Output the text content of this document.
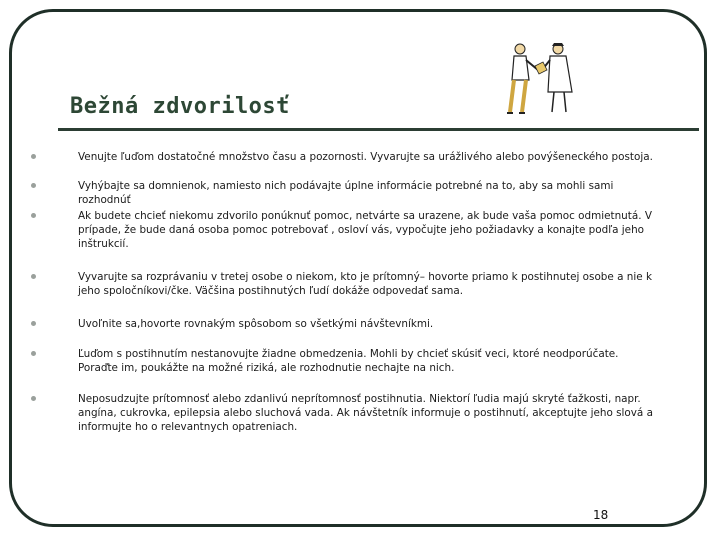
Bežná zdvorilosť
Venujte ľuďom dostatočné množstvo času a pozornosti. Vyvarujte sa urážlivého alebo povýšeneckého postoja.
Vyhýbajte sa domnienok, namiesto nich podávajte úplne informácie potrebné na to, aby sa mohli sami rozhodnúť
Ak budete chcieť niekomu zdvorilo ponúknuť pomoc, netvárte sa urazene, ak bude vaša pomoc odmietnutá. V prípade, že bude daná osoba pomoc potrebovať , osloví vás, vypočujte jeho požiadavky a konajte podľa jeho inštrukcií.
Vyvarujte sa rozprávaniu v tretej osobe o niekom, kto je prítomný– hovorte priamo k postihnutej osobe a nie k jeho spoločníkovi/čke. Väčšina postihnutých ľudí dokáže odpovedať sama.
Uvoľnite sa,hovorte rovnakým spôsobom so všetkými návštevníkmi.
Ľuďom s postihnutím nestanovujte žiadne obmedzenia. Mohli by chcieť skúsiť veci, ktoré neodporúčate. Poraďte im, poukážte na možné riziká, ale rozhodnutie nechajte na nich.
Neposudzujte prítomnosť alebo zdanlivú neprítomnosť postihnutia. Niektorí ľudia majú skryté ťažkosti, napr. angína, cukrovka, epilepsia alebo sluchová vada. Ak návštetník informuje o postihnutí, akceptujte jeho slová a informujte ho o relevantnych opatreniach.
18
